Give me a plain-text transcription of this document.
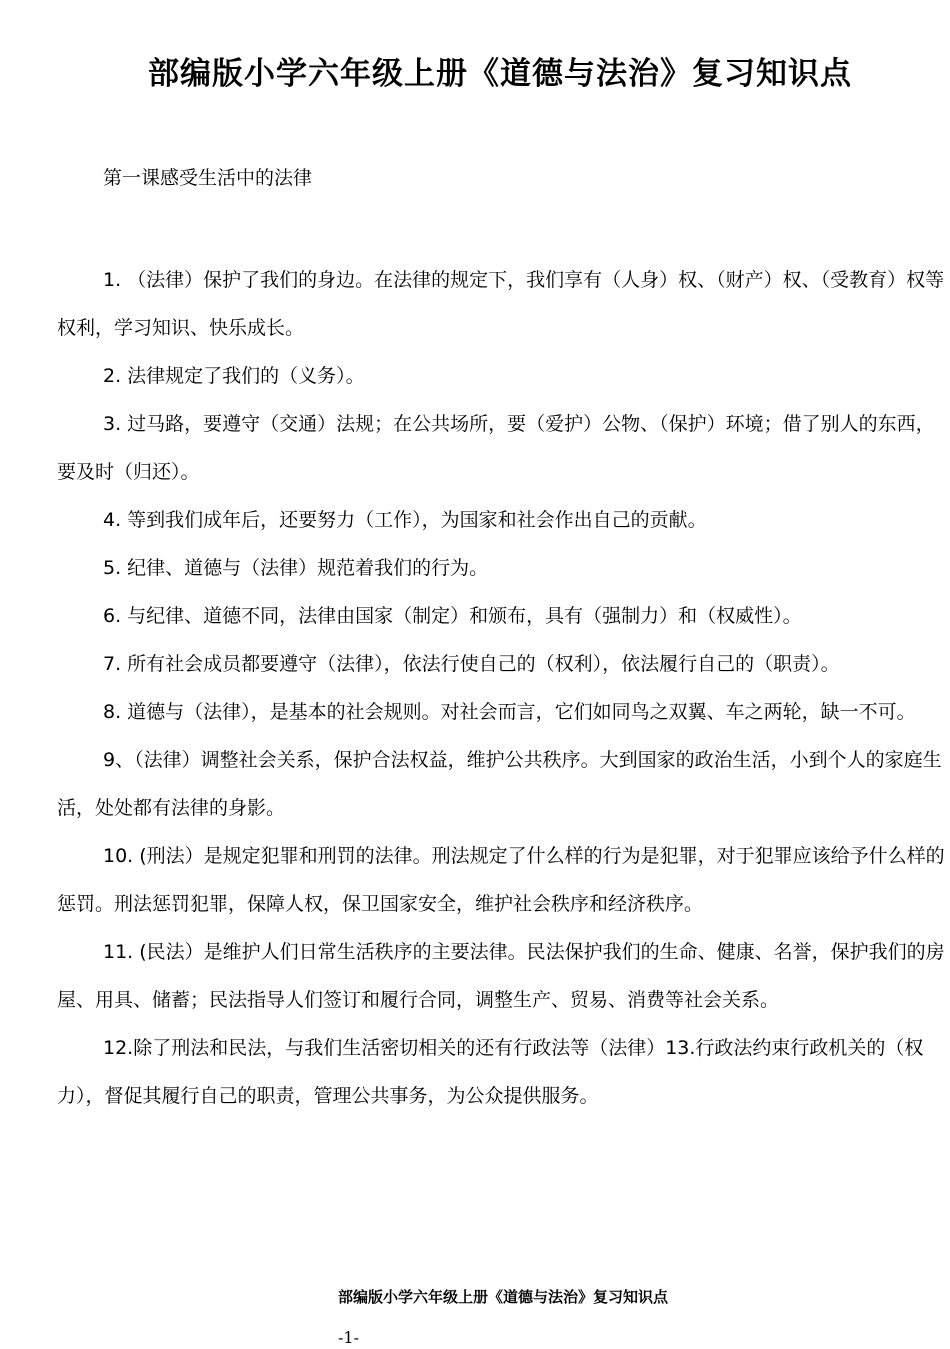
部编版小学六年级上册《道德与法治》复习知识点
第一课感受生活中的法律

1. （法律）保护了我们的身边。在法律的规定下，我们享有（人身）权、（财产）权、（受教育）权等权利，学习知识、快乐成长。

2. 法律规定了我们的（义务）。

3. 过马路，要遵守（交通）法规；在公共场所，要（爱护）公物、（保护）环境；借了别人的东西，要及时（归还）。

4. 等到我们成年后，还要努力（工作），为国家和社会作出自己的贡献。

5. 纪律、道德与（法律）规范着我们的行为。

6. 与纪律、道德不同，法律由国家（制定）和颁布，具有（强制力）和（权威性）。

7. 所有社会成员都要遵守（法律），依法行使自己的（权利），依法履行自己的（职责）。

8. 道德与（法律），是基本的社会规则。对社会而言，它们如同鸟之双翼、车之两轮，缺一不可。

9、（法律）调整社会关系，保护合法权益，维护公共秩序。大到国家的政治生活，小到个人的家庭生活，处处都有法律的身影。

10. (刑法）是规定犯罪和刑罚的法律。刑法规定了什么样的行为是犯罪，对于犯罪应该给予什么样的惩罚。刑法惩罚犯罪，保障人权，保卫国家安全，维护社会秩序和经济秩序。

11. (民法）是维护人们日常生活秩序的主要法律。民法保护我们的生命、健康、名誉，保护我们的房屋、用具、储蓄；民法指导人们签订和履行合同，调整生产、贸易、消费等社会关系。

12.除了刑法和民法，与我们生活密切相关的还有行政法等（法律）13.行政法约束行政机关的（权力），督促其履行自己的职责，管理公共事务，为公众提供服务。

部编版小学六年级上册《道德与法治》复习知识点
-1-
